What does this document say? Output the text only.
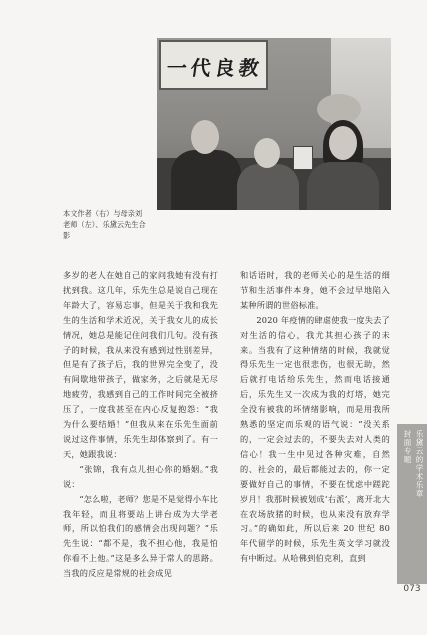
一代良教
本文作者（右）与母亲刘老师（左）、乐黛云先生合影

多岁的老人在她自己的家问我她有没有打扰到我。这几年，乐先生总是说自己现在年龄大了，容易忘事，但是关于我和我先生的生活和学术近况，关于我女儿的成长情况，她总是能记住问我们几句。没有孩子的时候，我从来没有感到过性别差异，但是有了孩子后，我的世界完全变了，没有间歇地带孩子，做家务，之后就是无尽地疲劳，我感到自己的工作时间完全被挤压了，一度我甚至在内心反复抱怨：“我为什么要结婚！”但我从来在乐先生面前说过这件事情，乐先生却体察到了。有一天，她跟我说：

“张锦，我有点儿担心你的婚姻。”我说：

“怎么啦，老师？您是不是觉得小车比我年轻，而且将要站上讲台成为大学老师，所以怕我们的感情会出现问题？”乐先生说：“都不是，我不担心他，我是怕你看不上他。”这是多么异于常人的思路。当我的反应是常规的社会成见

和话语时，我的老师关心的是生活的细节和生活事件本身，她不会过早地陷入某种所谓的世俗标准。

2020 年疫情的肆虐使我一度失去了对生活的信心，我尤其担心孩子的未来。当我有了这种情绪的时候，我就觉得乐先生一定也很悲伤，也很无助，然后就打电话给乐先生，然而电话接通后，乐先生又一次成为我的灯塔，她完全没有被我的坏情绪影响，而是用我所熟悉的坚定而乐观的语气说：“没关系的，一定会过去的，不要失去对人类的信心！我一生中见过各种灾难，自然的、社会的，最后都能过去的，你一定要做好自己的事情，不要在忧虑中蹉跎岁月！我那时候被划成‘右派’，离开北大在农场放猪的时候，也从来没有放弃学习。”的确如此，所以后来 20 世纪 80 年代留学的时候，乐先生英文学习就没有中断过。从哈佛到伯克利，直到

封面专题 乐黛云的学术乐章
073
